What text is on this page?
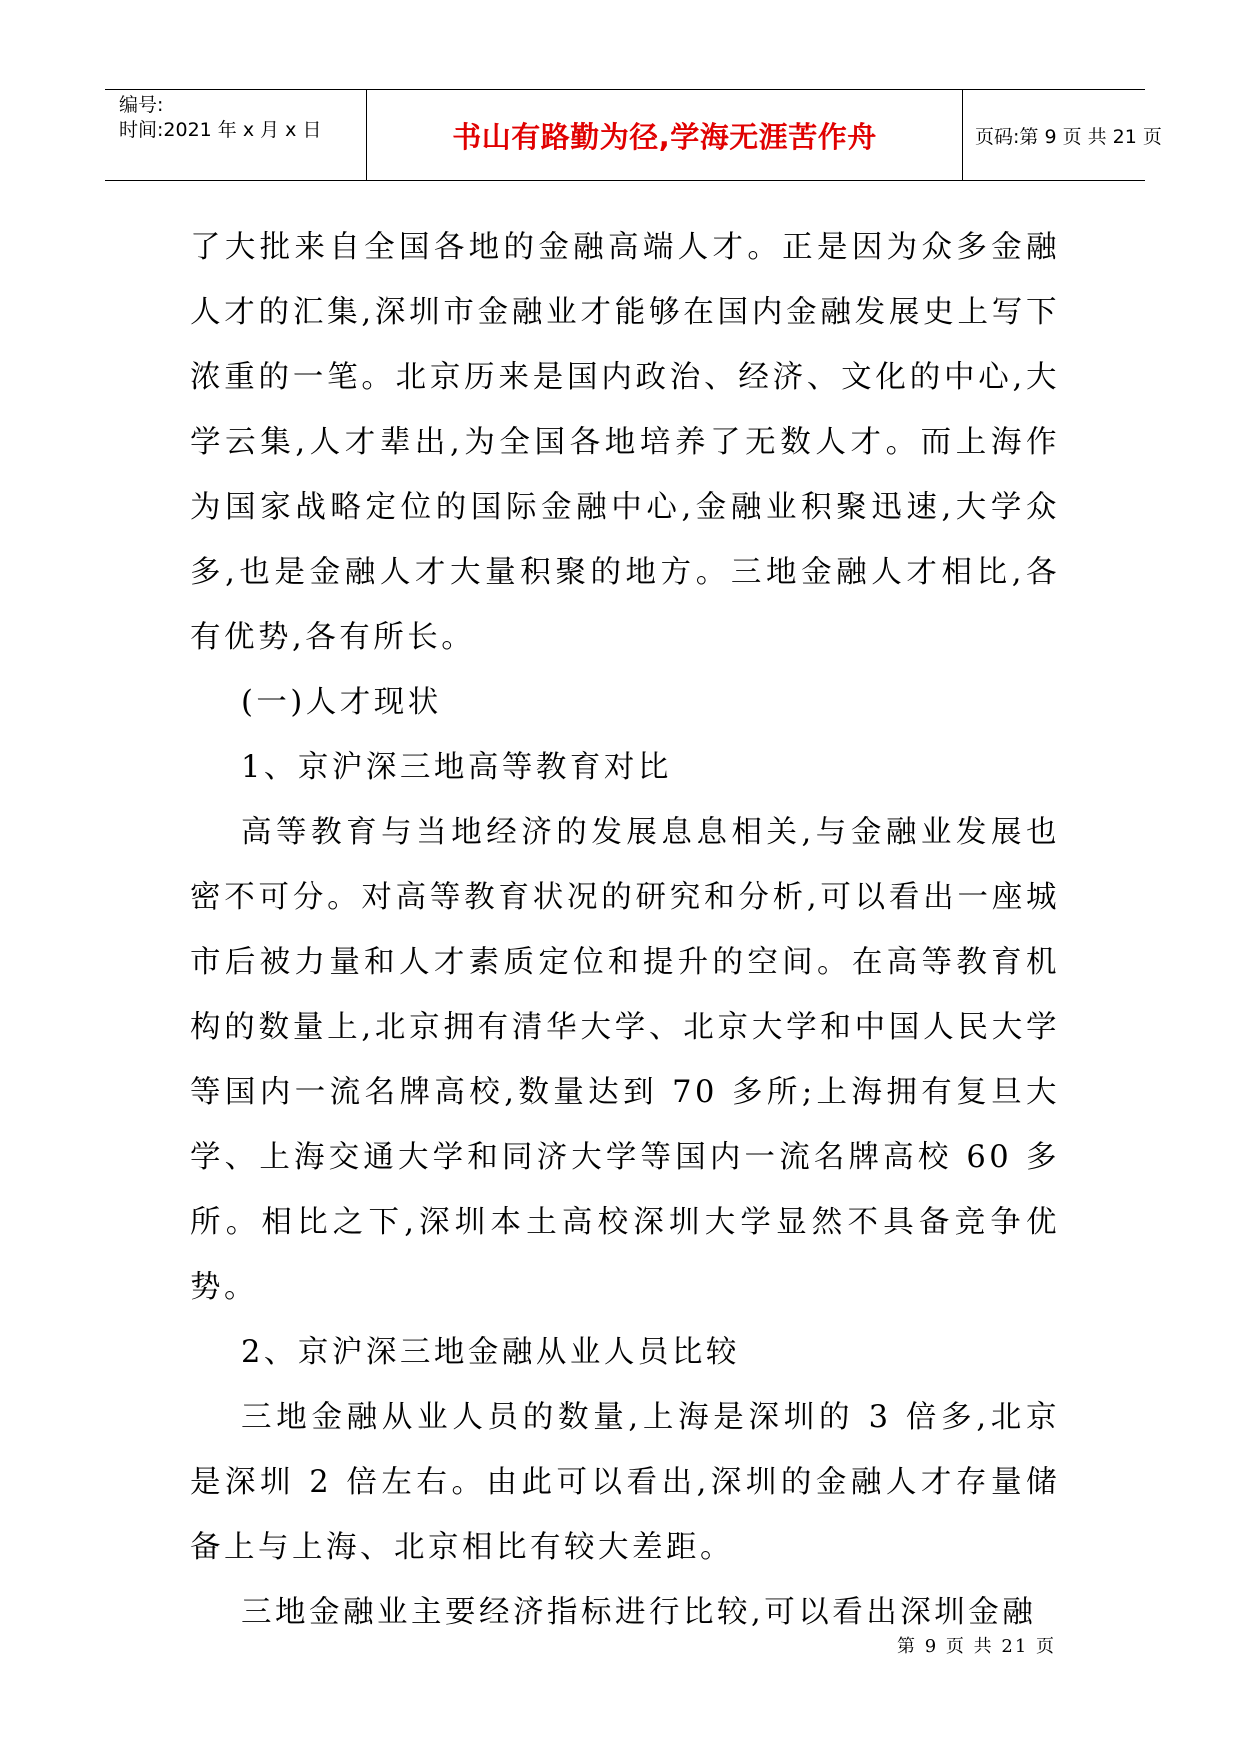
编号:
时间:2021 年 x 月 x 日	书山有路勤为径,学海无涯苦作舟	页码:第 9 页 共 21 页

了大批来自全国各地的金融高端人才。正是因为众多金融人才的汇集,深圳市金融业才能够在国内金融发展史上写下浓重的一笔。北京历来是国内政治、经济、文化的中心,大学云集,人才辈出,为全国各地培养了无数人才。而上海作为国家战略定位的国际金融中心,金融业积聚迅速,大学众多,也是金融人才大量积聚的地方。三地金融人才相比,各有优势,各有所长。

(一)人才现状

1、京沪深三地高等教育对比

高等教育与当地经济的发展息息相关,与金融业发展也密不可分。对高等教育状况的研究和分析,可以看出一座城市后被力量和人才素质定位和提升的空间。在高等教育机构的数量上,北京拥有清华大学、北京大学和中国人民大学等国内一流名牌高校,数量达到 70 多所;上海拥有复旦大学、上海交通大学和同济大学等国内一流名牌高校 60 多所。相比之下,深圳本土高校深圳大学显然不具备竞争优势。

2、京沪深三地金融从业人员比较

三地金融从业人员的数量,上海是深圳的 3 倍多,北京是深圳 2 倍左右。由此可以看出,深圳的金融人才存量储备上与上海、北京相比有较大差距。

三地金融业主要经济指标进行比较,可以看出深圳金融

第 9 页 共 21 页
